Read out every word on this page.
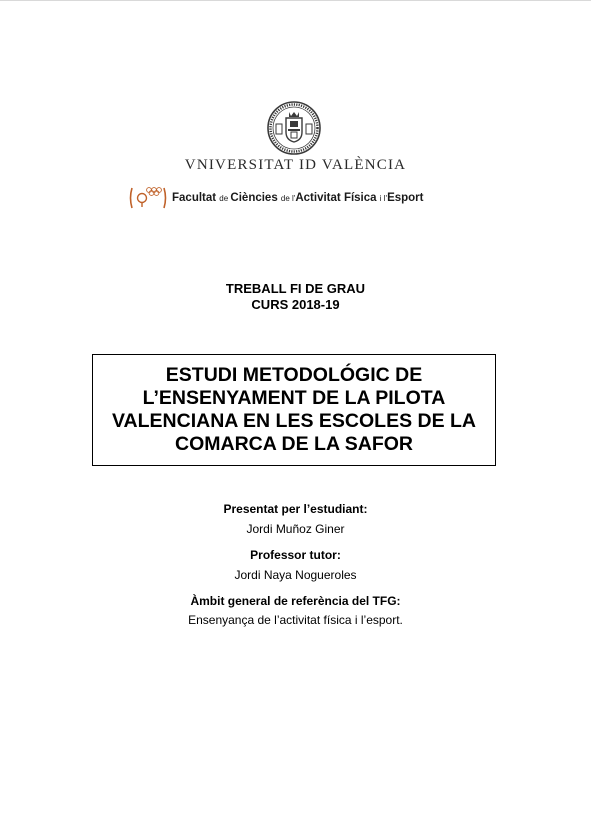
VNIVERSITAT ID VALÈNCIA
Facultat de Ciències de l'Activitat Física i l'Esport
TREBALL FI DE GRAU
CURS 2018-19
ESTUDI METODOLÓGIC DE
L’ENSENYAMENT DE LA PILOTA
VALENCIANA EN LES ESCOLES DE LA
COMARCA DE LA SAFOR
Presentat per l’estudiant:
Jordi Muñoz Giner
Professor tutor:
Jordi Naya Nogueroles
Àmbit general de referència del TFG:
Ensenyança de l’activitat física i l’esport.
